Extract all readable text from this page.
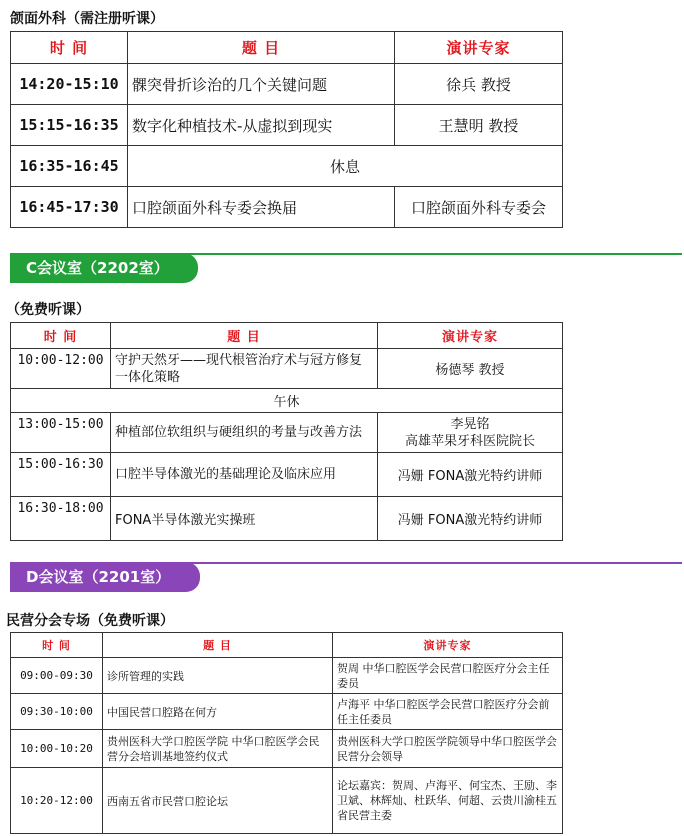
颌面外科（需注册听课）
时 间	题 目	演讲专家
14:20-15:10	髁突骨折诊治的几个关键问题	徐兵 教授
15:15-16:35	数字化种植技术-从虚拟到现实	王慧明 教授
16:35-16:45	休息	
16:45-17:30	口腔颌面外科专委会换届	口腔颌面外科专委会
C会议室（2202室）
（免费听课）
时 间	题 目	演讲专家
10:00-12:00	守护天然牙——现代根管治疗术与冠方修复一体化策略	杨德琴 教授
午休		
13:00-15:00	种植部位软组织与硬组织的考量与改善方法	李晃铭
高雄苹果牙科医院院长

15:00-16:30	口腔半导体激光的基础理论及临床应用	冯姗 FONA激光特约讲师
16:30-18:00	FONA半导体激光实操班	冯姗 FONA激光特约讲师
D会议室（2201室）
民营分会专场（免费听课）
时 间	题 目	演讲专家
09:00-09:30	诊所管理的实践	贺周 中华口腔医学会民营口腔医疗分会主任委员
09:30-10:00	中国民营口腔路在何方	卢海平 中华口腔医学会民营口腔医疗分会前任主任委员
10:00-10:20	贵州医科大学口腔医学院 中华口腔医学会民营分会培训基地签约仪式	贵州医科大学口腔医学院领导中华口腔医学会民营分会领导
10:20-12:00	西南五省市民营口腔论坛	论坛嘉宾：贺周、卢海平、何宝杰、王励、李卫斌、林辉灿、杜跃华、何超、云贵川渝桂五省民营主委
